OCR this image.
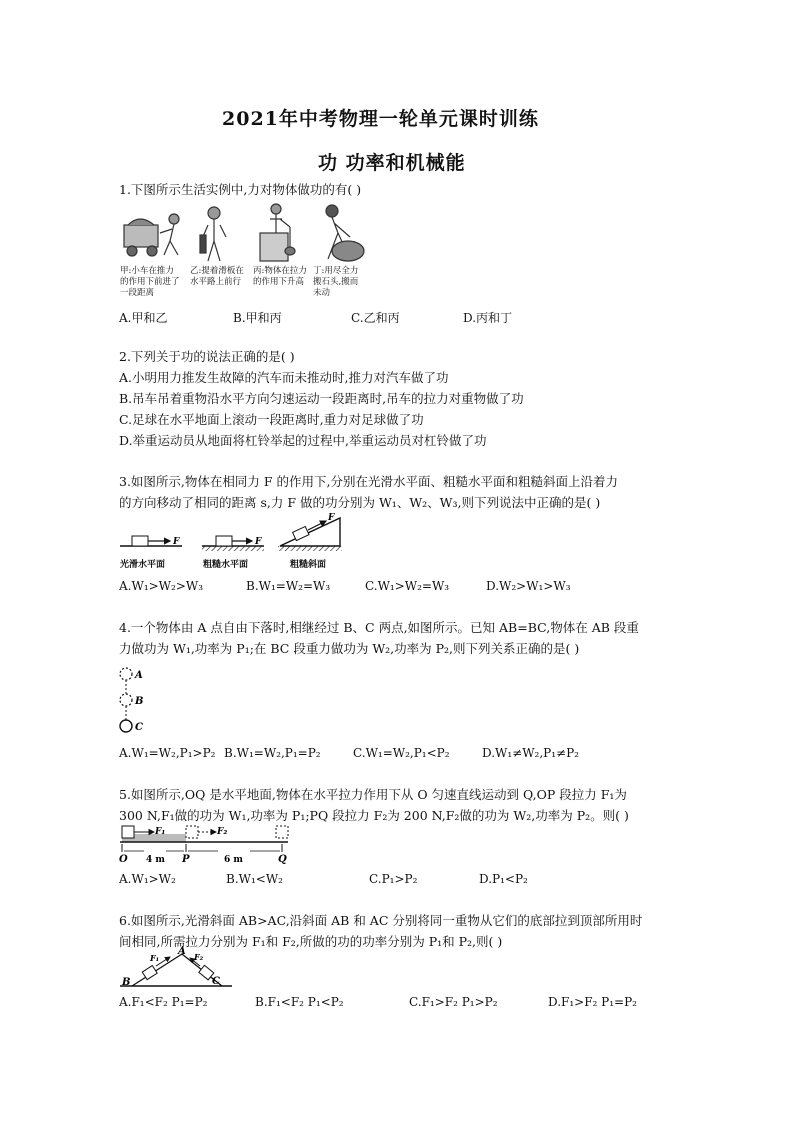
2021年中考物理一轮单元课时训练
功 功率和机械能
1.下图所示生活实例中,力对物体做功的有( )
甲:小车在推力的作用下前进了一段距离
乙:提着滑板在水平路上前行
丙:物体在拉力的作用下升高
丁:用尽全力搬石头,搬而未动
A.甲和乙	B.甲和丙	C.乙和丙	D.丙和丁
2.下列关于功的说法正确的是( )
A.小明用力推发生故障的汽车而未推动时,推力对汽车做了功
B.吊车吊着重物沿水平方向匀速运动一段距离时,吊车的拉力对重物做了功
C.足球在水平地面上滚动一段距离时,重力对足球做了功
D.举重运动员从地面将杠铃举起的过程中,举重运动员对杠铃做了功
3.如图所示,物体在相同力 F 的作用下,分别在光滑水平面、粗糙水平面和粗糙斜面上沿着力
的方向移动了相同的距离 s,力 F 做的功分别为 W₁、W₂、W₃,则下列说法中正确的是( )
F	F
F
光滑水平面	粗糙水平面	粗糙斜面
A.W₁>W₂>W₃	B.W₁=W₂=W₃	C.W₁>W₂=W₃	D.W₂>W₁>W₃
4.一个物体由 A 点自由下落时,相继经过 B、C 两点,如图所示。已知 AB=BC,物体在 AB 段重
力做功为 W₁,功率为 P₁;在 BC 段重力做功为 W₂,功率为 P₂,则下列关系正确的是( )
A
B
C
A.W₁=W₂,P₁>P₂ B.W₁=W₂,P₁=P₂	C.W₁=W₂,P₁<P₂	D.W₁≠W₂,P₁≠P₂
5.如图所示,OQ 是水平地面,物体在水平拉力作用下从 O 匀速直线运动到 Q,OP 段拉力 F₁为
300 N,F₁做的功为 W₁,功率为 P₁;PQ 段拉力 F₂为 200 N,F₂做的功为 W₂,功率为 P₂。则( )
F₁	F₂
O	P	Q
4 m	6 m
A.W₁>W₂	B.W₁<W₂	C.P₁>P₂	D.P₁<P₂
6.如图所示,光滑斜面 AB>AC,沿斜面 AB 和 AC 分别将同一重物从它们的底部拉到顶部所用时
间相同,所需拉力分别为 F₁和 F₂,所做的功的功率分别为 P₁和 P₂,则( )
A
B	C
F₁	F₂
A.F₁<F₂ P₁=P₂	B.F₁<F₂ P₁<P₂	C.F₁>F₂ P₁>P₂	D.F₁>F₂ P₁=P₂
